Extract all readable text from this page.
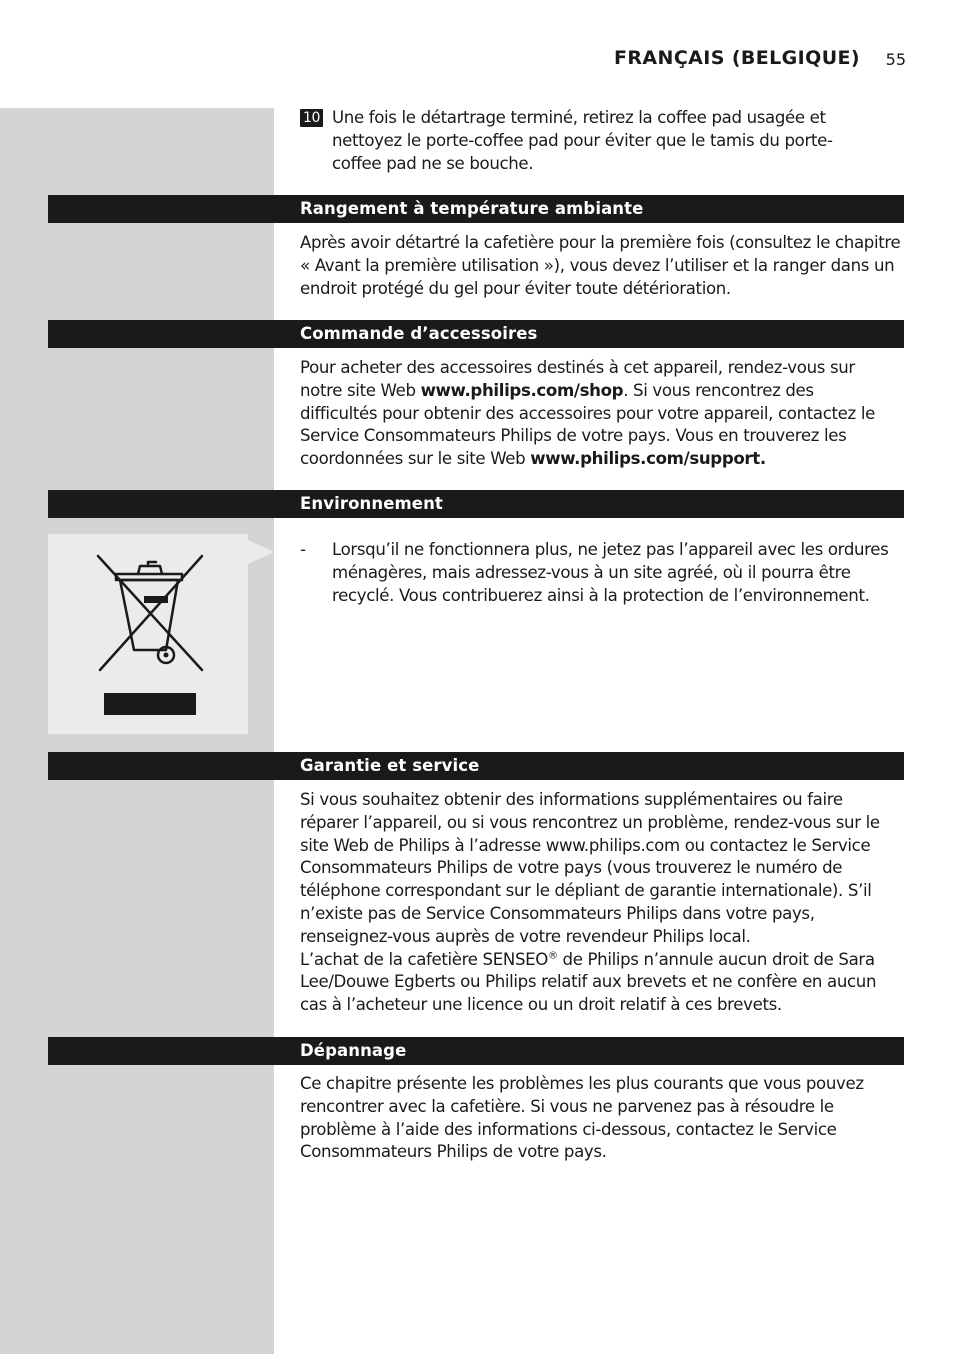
FRANÇAIS (BELGIQUE) 55
10 Une fois le détartrage terminé, retirez la coffee pad usagée et nettoyez le porte-coffee pad pour éviter que le tamis du porte-coffee pad ne se bouche.
Rangement à température ambiante
Après avoir détartré la cafetière pour la première fois (consultez le chapitre « Avant la première utilisation »), vous devez l’utiliser et la ranger dans un endroit protégé du gel pour éviter toute détérioration.
Commande d’accessoires
Pour acheter des accessoires destinés à cet appareil, rendez-vous sur notre site Web www.philips.com/shop. Si vous rencontrez des difficultés pour obtenir des accessoires pour votre appareil, contactez le Service Consommateurs Philips de votre pays. Vous en trouverez les coordonnées sur le site Web www.philips.com/support.
Environnement
- Lorsqu’il ne fonctionnera plus, ne jetez pas l’appareil avec les ordures ménagères, mais adressez-vous à un site agréé, où il pourra être recyclé. Vous contribuerez ainsi à la protection de l’environnement.
Garantie et service
Si vous souhaitez obtenir des informations supplémentaires ou faire réparer l’appareil, ou si vous rencontrez un problème, rendez-vous sur le site Web de Philips à l’adresse www.philips.com ou contactez le Service Consommateurs Philips de votre pays (vous trouverez le numéro de téléphone correspondant sur le dépliant de garantie internationale). S’il n’existe pas de Service Consommateurs Philips dans votre pays, renseignez-vous auprès de votre revendeur Philips local.
L’achat de la cafetière SENSEO® de Philips n’annule aucun droit de Sara Lee/Douwe Egberts ou Philips relatif aux brevets et ne confère en aucun cas à l’acheteur une licence ou un droit relatif à ces brevets.
Dépannage
Ce chapitre présente les problèmes les plus courants que vous pouvez rencontrer avec la cafetière. Si vous ne parvenez pas à résoudre le problème à l’aide des informations ci-dessous, contactez le Service Consommateurs Philips de votre pays.
